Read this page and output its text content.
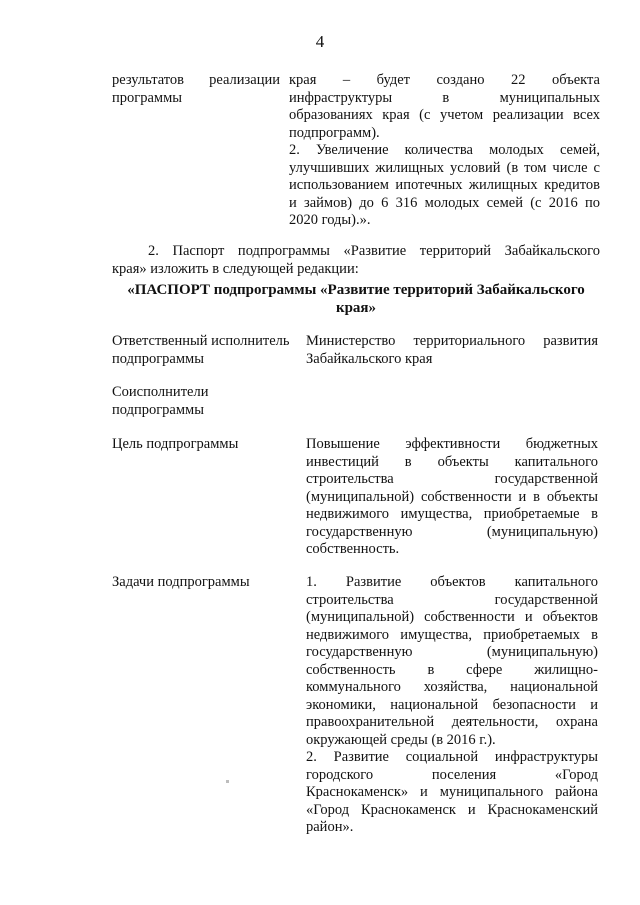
4
результатов реализации
программы
края – будет создано 22 объекта
инфраструктуры в муниципальных
образованиях края (с учетом реализации всех
подпрограмм).
2. Увеличение количества молодых семей,
улучшивших жилищных условий (в том числе с
использованием ипотечных жилищных кредитов
и займов) до 6 316 молодых семей (с 2016 по
2020 годы).».
2. Паспорт подпрограммы «Развитие территорий Забайкальского
края» изложить в следующей редакции:
«ПАСПОРТ подпрограммы «Развитие территорий Забайкальского
края»
Ответственный исполнитель
подпрограммы
Министерство территориального развития
Забайкальского края
Соисполнители
подпрограммы
Цель подпрограммы	Повышение эффективности бюджетных
инвестиций в объекты капитального
строительства государственной
(муниципальной) собственности и в объекты
недвижимого имущества, приобретаемые в
государственную (муниципальную)
собственность.
Задачи подпрограммы	1. Развитие объектов капитального
строительства государственной
(муниципальной) собственности и объектов
недвижимого имущества, приобретаемых в
государственную (муниципальную)
собственность в сфере жилищно-
коммунального хозяйства, национальной
экономики, национальной безопасности и
правоохранительной деятельности, охрана
окружающей среды (в 2016 г.).
2. Развитие социальной инфраструктуры
городского поселения «Город
Краснокаменск» и муниципального района
«Город Краснокаменск и Краснокаменский
район».
